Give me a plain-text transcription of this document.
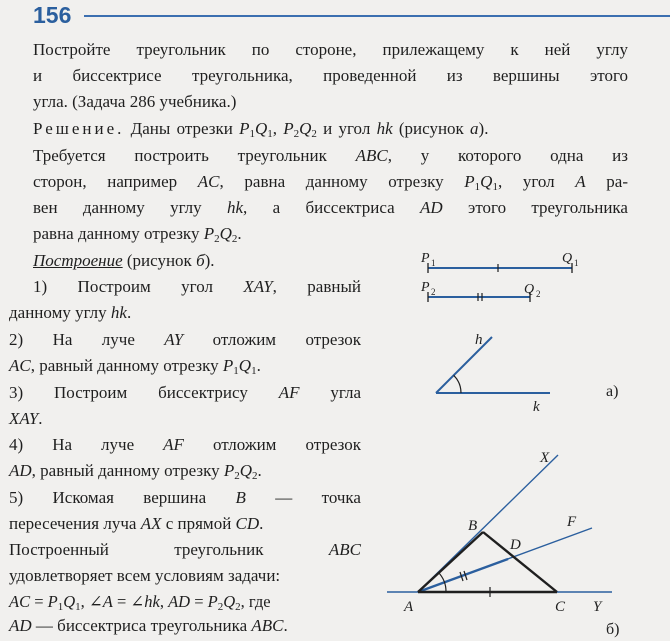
156
Постройте треугольник по стороне, прилежащему к ней углу
и биссектрисе треугольника, проведенной из вершины этого
угла. (Задача 286 учебника.)
Решение. Даны отрезки $P_1Q_1$, $P_2Q_2$ и угол hk (рисунок а).
Требуется построить треугольник ABC, у которого одна из
сторон, например AC, равна данному отрезку $P_1Q_1$, угол A ра-
вен данному углу hk, а биссектриса AD этого треугольника
равна данному отрезку $P_2Q_2$.
Построение (рисунок б).
1) Построим угол XAY, равный
данному углу hk.
2) На луче AY отложим отрезок
AC, равный данному отрезку $P_1Q_1$.
3) Построим биссектрису AF угла
XAY.
4) На луче AF отложим отрезок
AD, равный данному отрезку $P_2Q_2$.
5) Искомая вершина B — точка
пересечения луча AX с прямой CD.
Построенный треугольник ABC
удовлетворяет всем условиям задачи:
AC = $P_1Q_1$, ∠A = ∠hk, AD = $P_2Q_2$, где
AD — биссектриса треугольника ABC.
P 1	Q 1
P 2	Q 2
h
k
а)
X
F
B
D
A	C Y
б)
